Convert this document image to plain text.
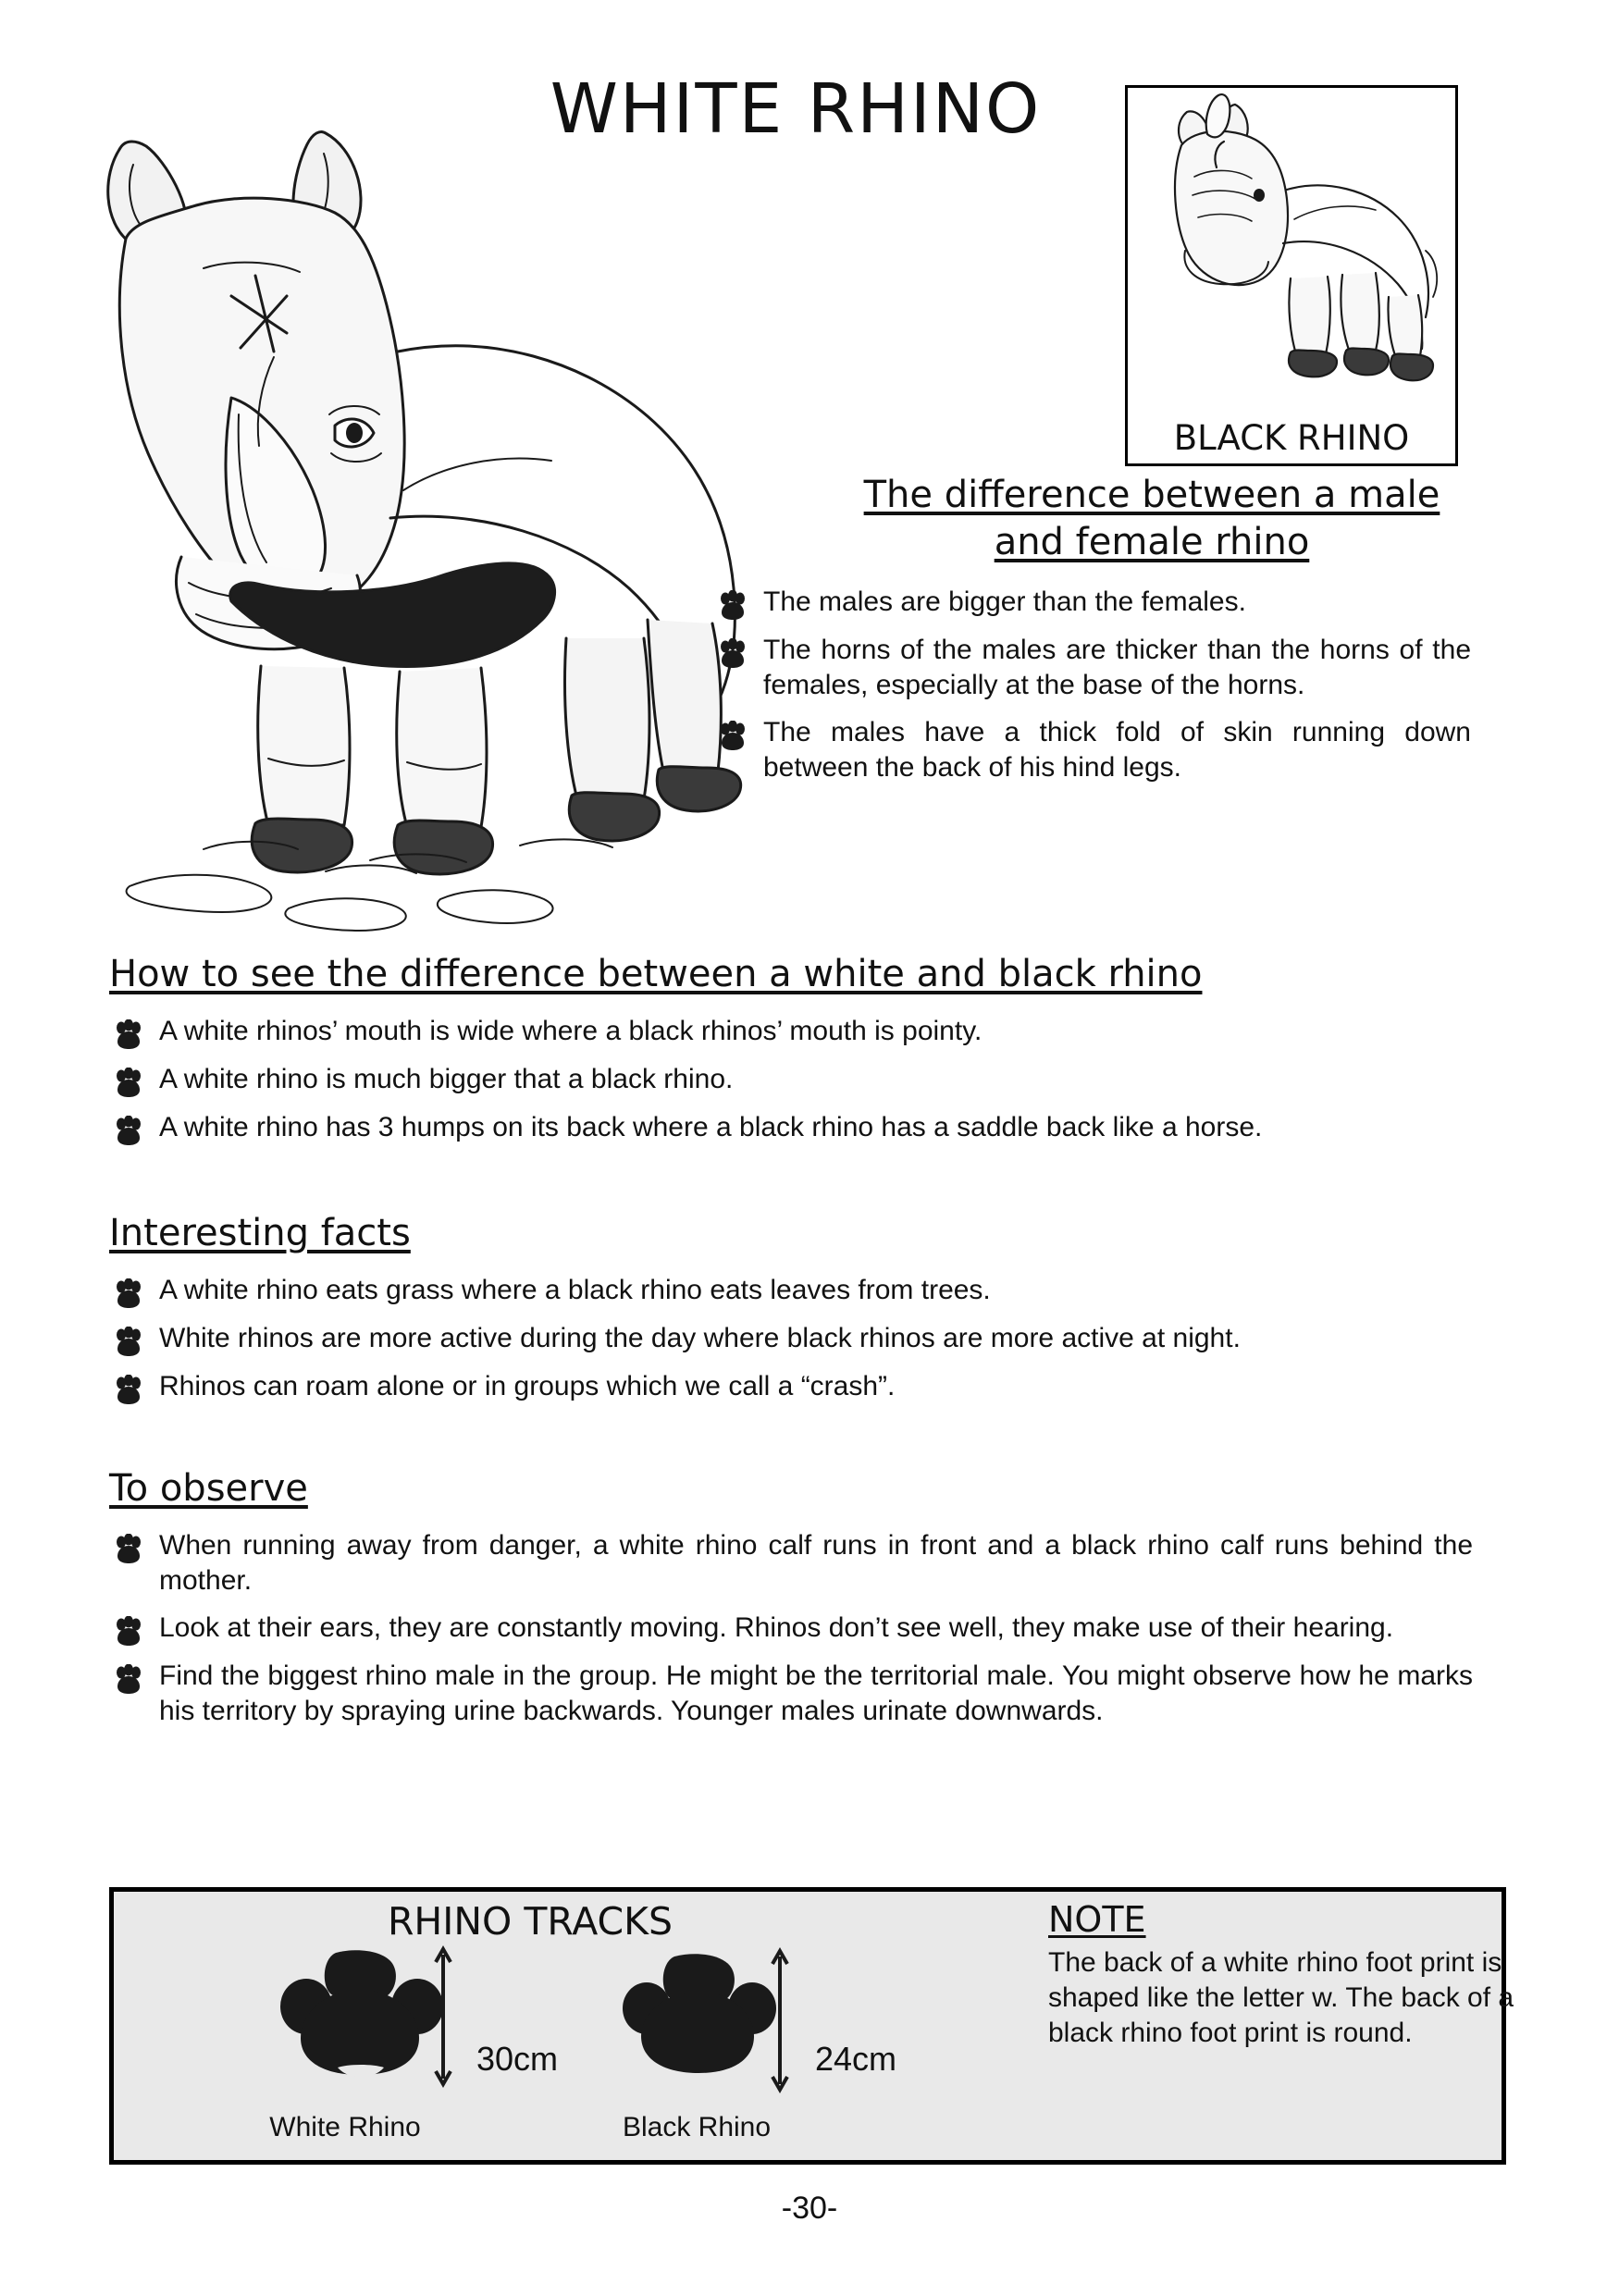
WHITE RHINO
BLACK RHINO
The difference between a male and female rhino
The males are bigger than the females.
The horns of the males are thicker than the horns of the females, especially at the base of the horns.
The males have a thick fold of skin running down between the back of his hind legs.
How to see the difference between a white and black rhino
A white rhinos’ mouth is wide where a black rhinos’ mouth is pointy.
A white rhino is much bigger that a black rhino.
A white rhino has 3 humps on its back where a black rhino has a saddle back like a horse.
Interesting facts
A white rhino eats grass where a black rhino eats leaves from trees.
White rhinos are more active during the day where black rhinos are more active at night.
Rhinos can roam alone or in groups which we call a “crash”.
To observe
When running away from danger, a white rhino calf runs in front and a black rhino calf runs behind the mother.
Look at their ears, they are constantly moving. Rhinos don’t see well, they make use of their hearing.
Find the biggest rhino male in the group. He might be the territorial male. You might observe how he marks his territory by spraying urine backwards. Younger males urinate downwards.
RHINO TRACKS
30cm
White Rhino
24cm
Black Rhino
NOTE
The back of a white rhino foot print is shaped like the letter w. The back of a black rhino foot print is round.
-30-
